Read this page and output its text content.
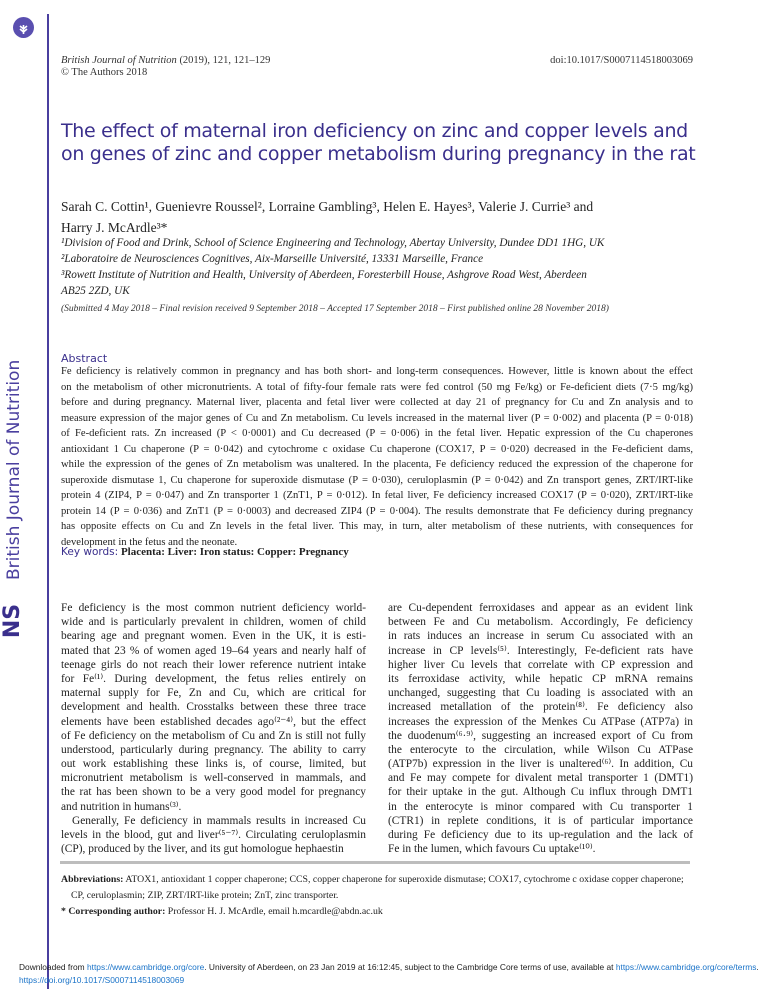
British Journal of Nutrition
NS
British Journal of Nutrition (2019), 121, 121–129
© The Authors 2018
doi:10.1017/S0007114518003069
The effect of maternal iron deficiency on zinc and copper levels and on genes of zinc and copper metabolism during pregnancy in the rat
Sarah C. Cottin¹, Guenievre Roussel², Lorraine Gambling³, Helen E. Hayes³, Valerie J. Currie³ and
Harry J. McArdle³*
¹Division of Food and Drink, School of Science Engineering and Technology, Abertay University, Dundee DD1 1HG, UK
²Laboratoire de Neurosciences Cognitives, Aix-Marseille Université, 13331 Marseille, France
³Rowett Institute of Nutrition and Health, University of Aberdeen, Foresterbill House, Ashgrove Road West, Aberdeen
AB25 2ZD, UK
(Submitted 4 May 2018 – Final revision received 9 September 2018 – Accepted 17 September 2018 – First published online 28 November 2018)
Abstract
Fe deficiency is relatively common in pregnancy and has both short- and long-term consequences. However, little is known about the effect
on the metabolism of other micronutrients. A total of fifty-four female rats were fed control (50 mg Fe/kg) or Fe-deficient diets (7·5 mg/kg)
before and during pregnancy. Maternal liver, placenta and fetal liver were collected at day 21 of pregnancy for Cu and Zn analysis and to
measure expression of the major genes of Cu and Zn metabolism. Cu levels increased in the maternal liver (P = 0·002) and placenta (P = 0·018)
of Fe-deficient rats. Zn increased (P < 0·0001) and Cu decreased (P = 0·006) in the fetal liver. Hepatic expression of the Cu chaperones
antioxidant 1 Cu chaperone (P = 0·042) and cytochrome c oxidase Cu chaperone (COX17, P = 0·020) decreased in the Fe-deficient dams,
while the expression of the genes of Zn metabolism was unaltered. In the placenta, Fe deficiency reduced the expression of the chaperone for
superoxide dismutase 1, Cu chaperone for superoxide dismutase (P = 0·030), ceruloplasmin (P = 0·042) and Zn transport genes, ZRT/IRT-like
protein 4 (ZIP4, P = 0·047) and Zn transporter 1 (ZnT1, P = 0·012). In fetal liver, Fe deficiency increased COX17 (P = 0·020), ZRT/IRT-like
protein 14 (P = 0·036) and ZnT1 (P = 0·0003) and decreased ZIP4 (P = 0·004). The results demonstrate that Fe deficiency during pregnancy
has opposite effects on Cu and Zn levels in the fetal liver. This may, in turn, alter metabolism of these nutrients, with consequences for
development in the fetus and the neonate.
Key words: Placenta: Liver: Iron status: Copper: Pregnancy
Fe deficiency is the most common nutrient deficiency world-
wide and is particularly prevalent in children, women of child
bearing age and pregnant women. Even in the UK, it is esti-
mated that 23 % of women aged 19–64 years and nearly half of
teenage girls do not reach their lower reference nutrient intake
for Fe⁽¹⁾. During development, the fetus relies entirely on
maternal supply for Fe, Zn and Cu, which are critical for
development and health. Crosstalks between these three trace
elements have been established decades ago⁽²⁻⁴⁾, but the effect
of Fe deficiency on the metabolism of Cu and Zn is still not fully
understood, particularly during pregnancy. The ability to carry
out work establishing these links is, of course, limited, but
micronutrient metabolism is well-conserved in mammals, and
the rat has been shown to be a very good model for pregnancy
and nutrition in humans⁽³⁾.
Generally, Fe deficiency in mammals results in increased Cu
levels in the blood, gut and liver⁽⁵⁻⁷⁾. Circulating ceruloplasmin
(CP), produced by the liver, and its gut homologue hephaestin
are Cu-dependent ferroxidases and appear as an evident link
between Fe and Cu metabolism. Accordingly, Fe deficiency
in rats induces an increase in serum Cu associated with an
increase in CP levels⁽⁵⁾. Interestingly, Fe-deficient rats have
higher liver Cu levels that correlate with CP expression and
its ferroxidase activity, while hepatic CP mRNA remains
unchanged, suggesting that Cu loading is associated with an
increased metallation of the protein⁽⁸⁾. Fe deficiency also
increases the expression of the Menkes Cu ATPase (ATP7a) in
the duodenum⁽⁶·⁹⁾, suggesting an increased export of Cu from
the enterocyte to the circulation, while Wilson Cu ATPase
(ATP7b) expression in the liver is unaltered⁽⁶⁾. In addition, Cu
and Fe may compete for divalent metal transporter 1 (DMT1)
for their uptake in the gut. Although Cu influx through DMT1
in the enterocyte is minor compared with Cu transporter 1
(CTR1) in replete conditions, it is of particular importance
during Fe deficiency due to its up-regulation and the lack of
Fe in the lumen, which favours Cu uptake⁽¹⁰⁾.
Abbreviations: ATOX1, antioxidant 1 copper chaperone; CCS, copper chaperone for superoxide dismutase; COX17, cytochrome c oxidase copper chaperone;
CP, ceruloplasmin; ZIP, ZRT/IRT-like protein; ZnT, zinc transporter.
* Corresponding author: Professor H. J. McArdle, email h.mcardle@abdn.ac.uk
Downloaded from https://www.cambridge.org/core. University of Aberdeen, on 23 Jan 2019 at 16:12:45, subject to the Cambridge Core terms of use, available at https://www.cambridge.org/core/terms.
https://doi.org/10.1017/S0007114518003069
